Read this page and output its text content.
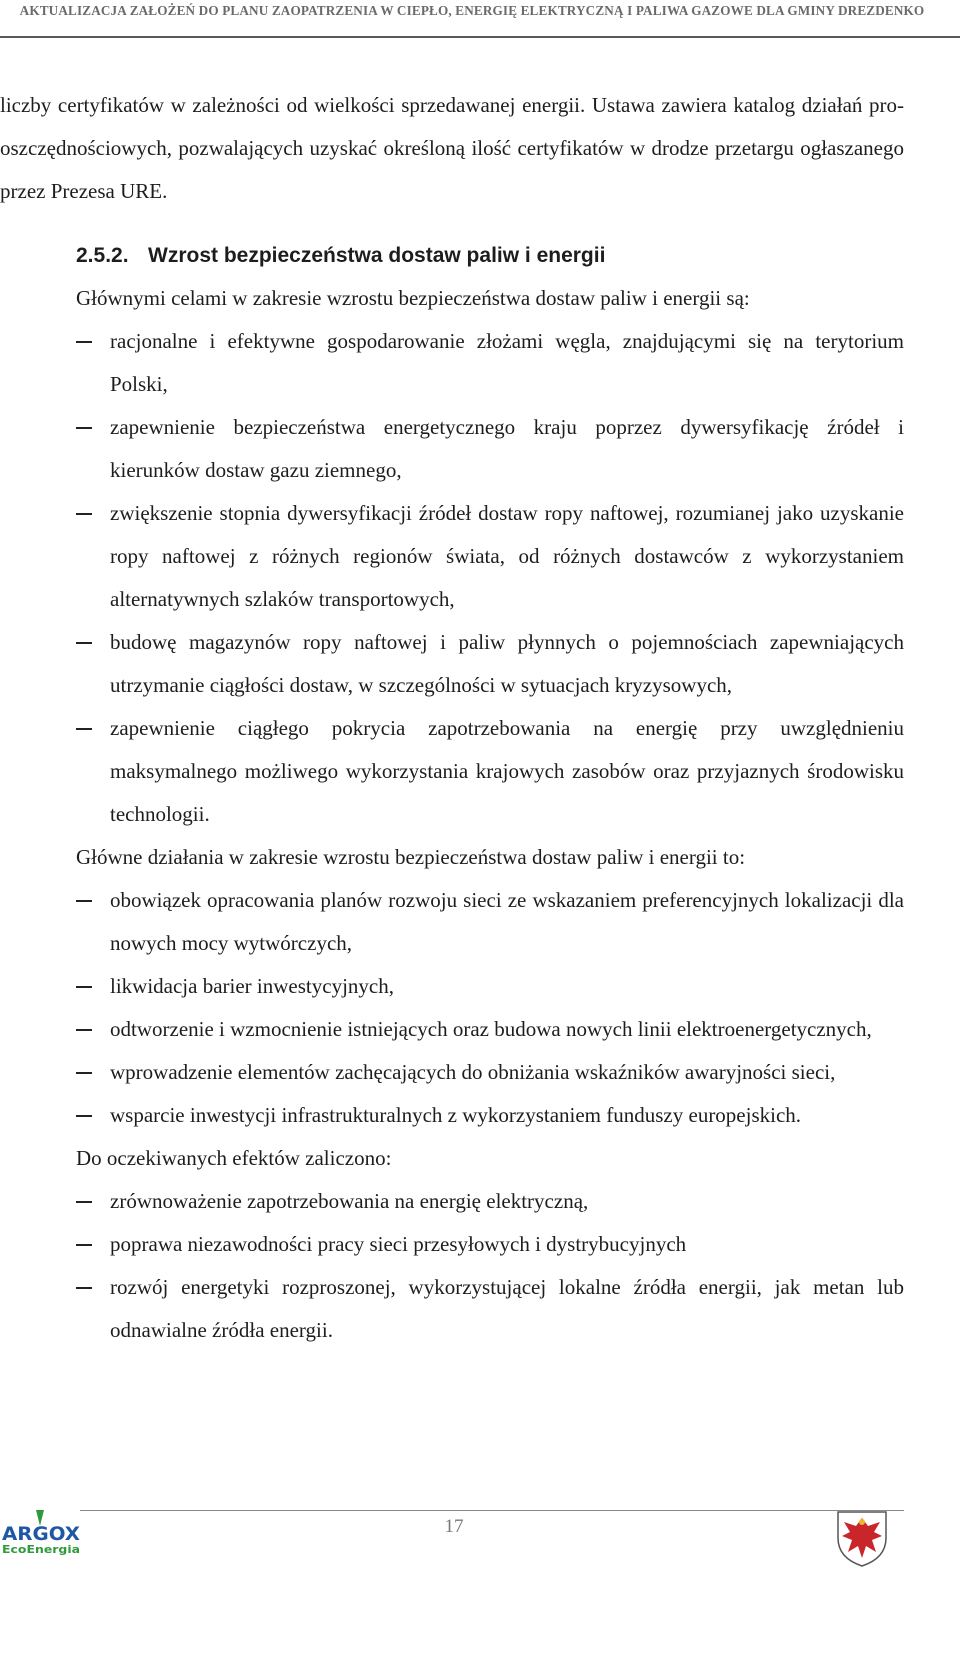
AKTUALIZACJA ZAŁOŻEŃ DO PLANU ZAOPATRZENIA W CIEPŁO, ENERGIĘ ELEKTRYCZNĄ I PALIWA GAZOWE DLA GMINY DREZDENKO
liczby certyfikatów w zależności od wielkości sprzedawanej energii. Ustawa zawiera katalog działań pro-oszczędnościowych, pozwalających uzyskać określoną ilość certyfikatów w drodze przetargu ogłaszanego przez Prezesa URE.
2.5.2. Wzrost bezpieczeństwa dostaw paliw i energii
Głównymi celami w zakresie wzrostu bezpieczeństwa dostaw paliw i energii są:
racjonalne i efektywne gospodarowanie złożami węgla, znajdującymi się na terytorium Polski,
zapewnienie bezpieczeństwa energetycznego kraju poprzez dywersyfikację źródeł i kierunków dostaw gazu ziemnego,
zwiększenie stopnia dywersyfikacji źródeł dostaw ropy naftowej, rozumianej jako uzyskanie ropy naftowej z różnych regionów świata, od różnych dostawców z wykorzystaniem alternatywnych szlaków transportowych,
budowę magazynów ropy naftowej i paliw płynnych o pojemnościach zapewniających utrzymanie ciągłości dostaw, w szczególności w sytuacjach kryzysowych,
zapewnienie ciągłego pokrycia zapotrzebowania na energię przy uwzględnieniu maksymalnego możliwego wykorzystania krajowych zasobów oraz przyjaznych środowisku technologii.
Główne działania w zakresie wzrostu bezpieczeństwa dostaw paliw i energii to:
obowiązek opracowania planów rozwoju sieci ze wskazaniem preferencyjnych lokalizacji dla nowych mocy wytwórczych,
likwidacja barier inwestycyjnych,
odtworzenie i wzmocnienie istniejących oraz budowa nowych linii elektroenergetycznych,
wprowadzenie elementów zachęcających do obniżania wskaźników awaryjności sieci,
wsparcie inwestycji infrastrukturalnych z wykorzystaniem funduszy europejskich.
Do oczekiwanych efektów zaliczono:
zrównoważenie zapotrzebowania na energię elektryczną,
poprawa niezawodności pracy sieci przesyłowych i dystrybucyjnych
rozwój energetyki rozproszonej, wykorzystującej lokalne źródła energii, jak metan lub odnawialne źródła energii.
17
ARGOX
EcoEnergia
